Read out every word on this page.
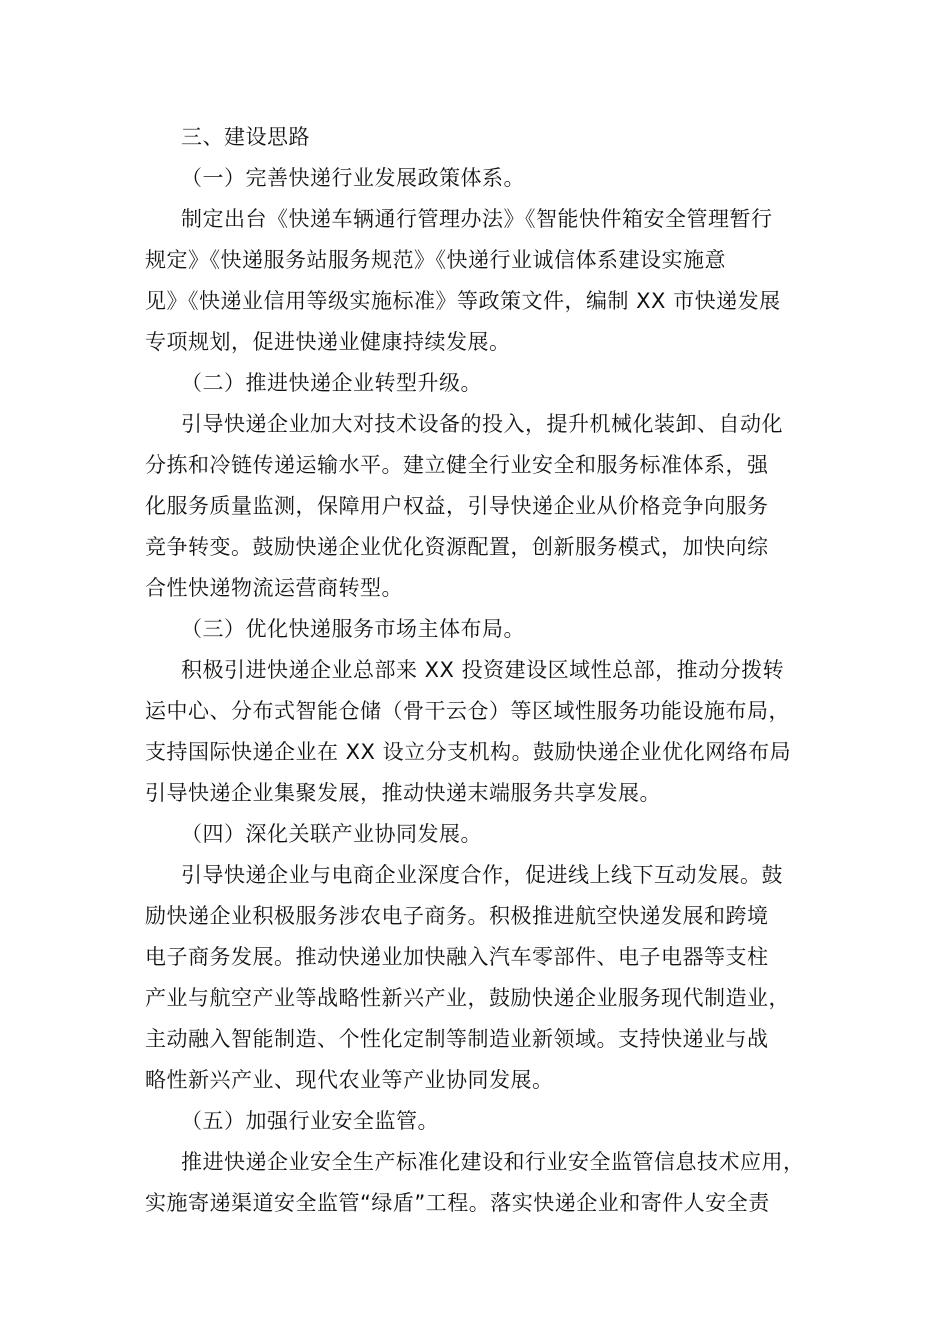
三、建设思路
（一）完善快递行业发展政策体系。
制定出台《快递车辆通行管理办法》《智能快件箱安全管理暂行
规定》《快递服务站服务规范》《快递行业诚信体系建设实施意
见》《快递业信用等级实施标准》等政策文件，编制 XX 市快递发展
专项规划，促进快递业健康持续发展。
（二）推进快递企业转型升级。
引导快递企业加大对技术设备的投入，提升机械化装卸、自动化
分拣和冷链传递运输水平。建立健全行业安全和服务标准体系，强
化服务质量监测，保障用户权益，引导快递企业从价格竞争向服务
竞争转变。鼓励快递企业优化资源配置，创新服务模式，加快向综
合性快递物流运营商转型。
（三）优化快递服务市场主体布局。
积极引进快递企业总部来 XX 投资建设区域性总部，推动分拨转
运中心、分布式智能仓储（骨干云仓）等区域性服务功能设施布局，
支持国际快递企业在 XX 设立分支机构。鼓励快递企业优化网络布局
引导快递企业集聚发展，推动快递末端服务共享发展。
（四）深化关联产业协同发展。
引导快递企业与电商企业深度合作，促进线上线下互动发展。鼓
励快递企业积极服务涉农电子商务。积极推进航空快递发展和跨境
电子商务发展。推动快递业加快融入汽车零部件、电子电器等支柱
产业与航空产业等战略性新兴产业，鼓励快递企业服务现代制造业，
主动融入智能制造、个性化定制等制造业新领域。支持快递业与战
略性新兴产业、现代农业等产业协同发展。
（五）加强行业安全监管。
推进快递企业安全生产标准化建设和行业安全监管信息技术应用，
实施寄递渠道安全监管“绿盾”工程。落实快递企业和寄件人安全责
